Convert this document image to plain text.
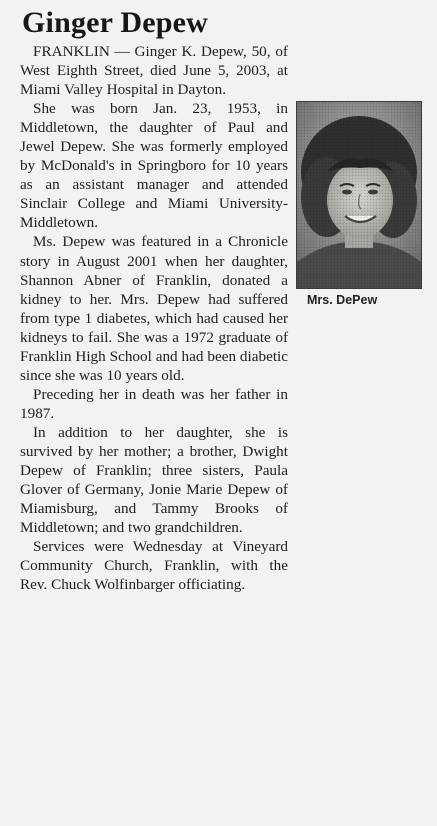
Ginger Depew

FRANKLIN — Ginger K. Depew, 50, of West Eighth Street, died June 5, 2003, at Miami Valley Hospital in Dayton.

She was born Jan. 23, 1953, in Middletown, the daughter of Paul and Jewel Depew. She was formerly employed by McDonald's in Springboro for 10 years as an assistant manager and attended Sinclair College and Miami University-Middletown.

Ms. Depew was featured in a Chronicle story in August 2001 when her daughter, Shannon Abner of Franklin, donated a kidney to her. Mrs. Depew had suffered from type 1 diabetes, which had caused her kidneys to fail. She was a 1972 graduate of Franklin High School and had been diabetic since she was 10 years old.

Preceding her in death was her father in 1987.

In addition to her daughter, she is survived by her mother; a brother, Dwight Depew of Franklin; three sisters, Paula Glover of Germany, Jonie Marie Depew of Miamisburg, and Tammy Brooks of Middletown; and two grandchildren.

Services were Wednesday at Vineyard Community Church, Franklin, with the Rev. Chuck Wolfinbarger officiating.

Mrs. DePew
